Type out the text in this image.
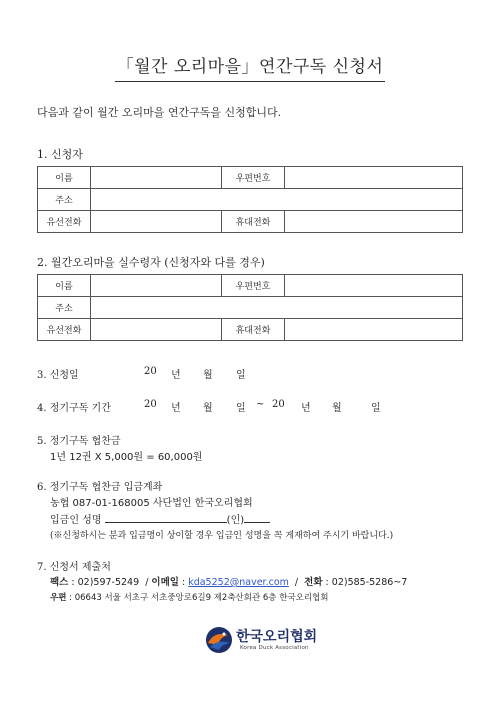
「월간 오리마을」연간구독 신청서
다음과 같이 월간 오리마을 연간구독을 신청합니다.
1. 신청자
이름		우편번호	
주소			
유선전화		휴대전화	
2. 월간오리마을 실수령자 (신청자와 다를 경우)
이름		우편번호	
주소			
유선전화		휴대전화	
3. 신청일	20 년 월 일
4. 정기구독 기간	20 년 월 일 ~ 20 년 월	일
5. 정기구독 협찬금
1년 12권 X 5,000원 = 60,000원
6. 정기구독 협찬금 입금계좌
농협 087-01-168005 사단법인 한국오리협회
입금인 성명	(인)
(※신청하시는 분과 입금명이 상이할 경우 입금인 성명을 꼭 게재하여 주시기 바랍니다.)
7. 신청서 제출처
팩스 : 02)597-5249  / 이메일 : kda5252@naver.com  /  전화 : 02)585-5286~7
우편 : 06643 서울 서초구 서초중앙로6길9 제2축산회관 6층 한국오리협회
한국오리협회
Korea Duck Association
